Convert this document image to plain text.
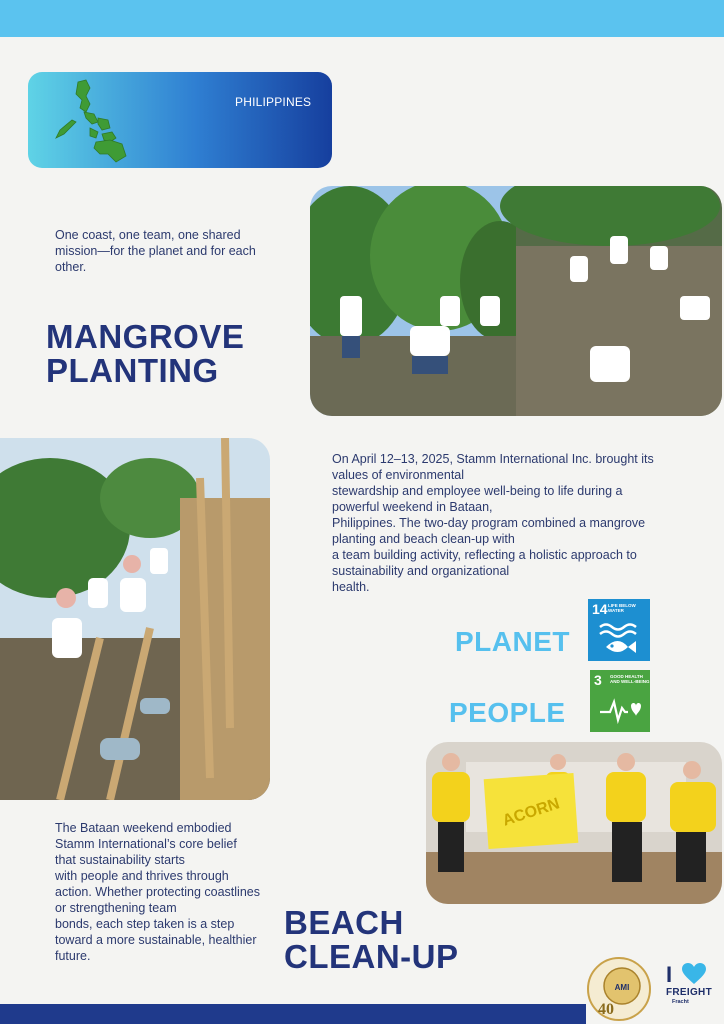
PHILIPPINES
One coast, one team, one shared mission—for the planet and for each other.
MANGROVE PLANTING
On April 12–13, 2025, Stamm International Inc. brought its
values of environmental
stewardship and employee well-being to life during a
powerful weekend in Bataan,
Philippines. The two-day program combined a mangrove
planting and beach clean-up with
a team building activity, reflecting a holistic approach to
sustainability and organizational
health.
PLANET
14 LIFE BELOW WATER
PEOPLE
3 GOOD HEALTH AND WELL-BEING
ACORN
The Bataan weekend embodied
Stamm International’s core belief
that sustainability starts
with people and thrives through
action. Whether protecting coastlines
or strengthening team
bonds, each step taken is a step
toward a more sustainable, healthier
future.
BEACH CLEAN-UP
AMI
40
I
FREIGHT
Fracht
